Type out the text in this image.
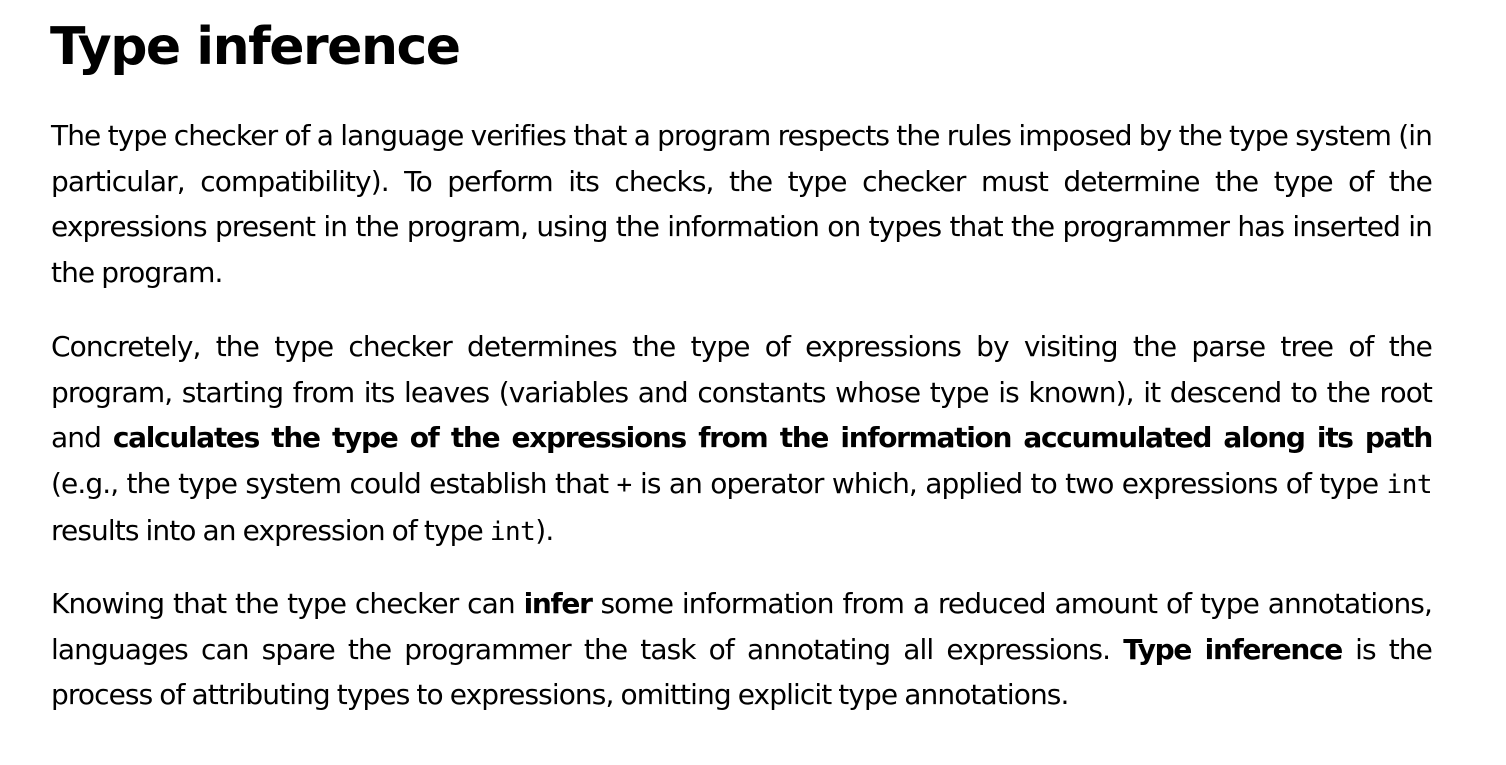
Type inference

The type checker of a language verifies that a program respects the rules imposed by the type system (in particular, compatibility). To perform its checks, the type checker must determine the type of the expressions present in the program, using the information on types that the programmer has inserted in the program.

Concretely, the type checker determines the type of expressions by visiting the parse tree of the program, starting from its leaves (variables and constants whose type is known), it descend to the root and calculates the type of the expressions from the information accumulated along its path (e.g., the type system could establish that + is an operator which, applied to two expressions of type int results into an expression of type int).

Knowing that the type checker can infer some information from a reduced amount of type annotations, languages can spare the programmer the task of annotating all expressions. Type inference is the process of attributing types to expressions, omitting explicit type annotations.
